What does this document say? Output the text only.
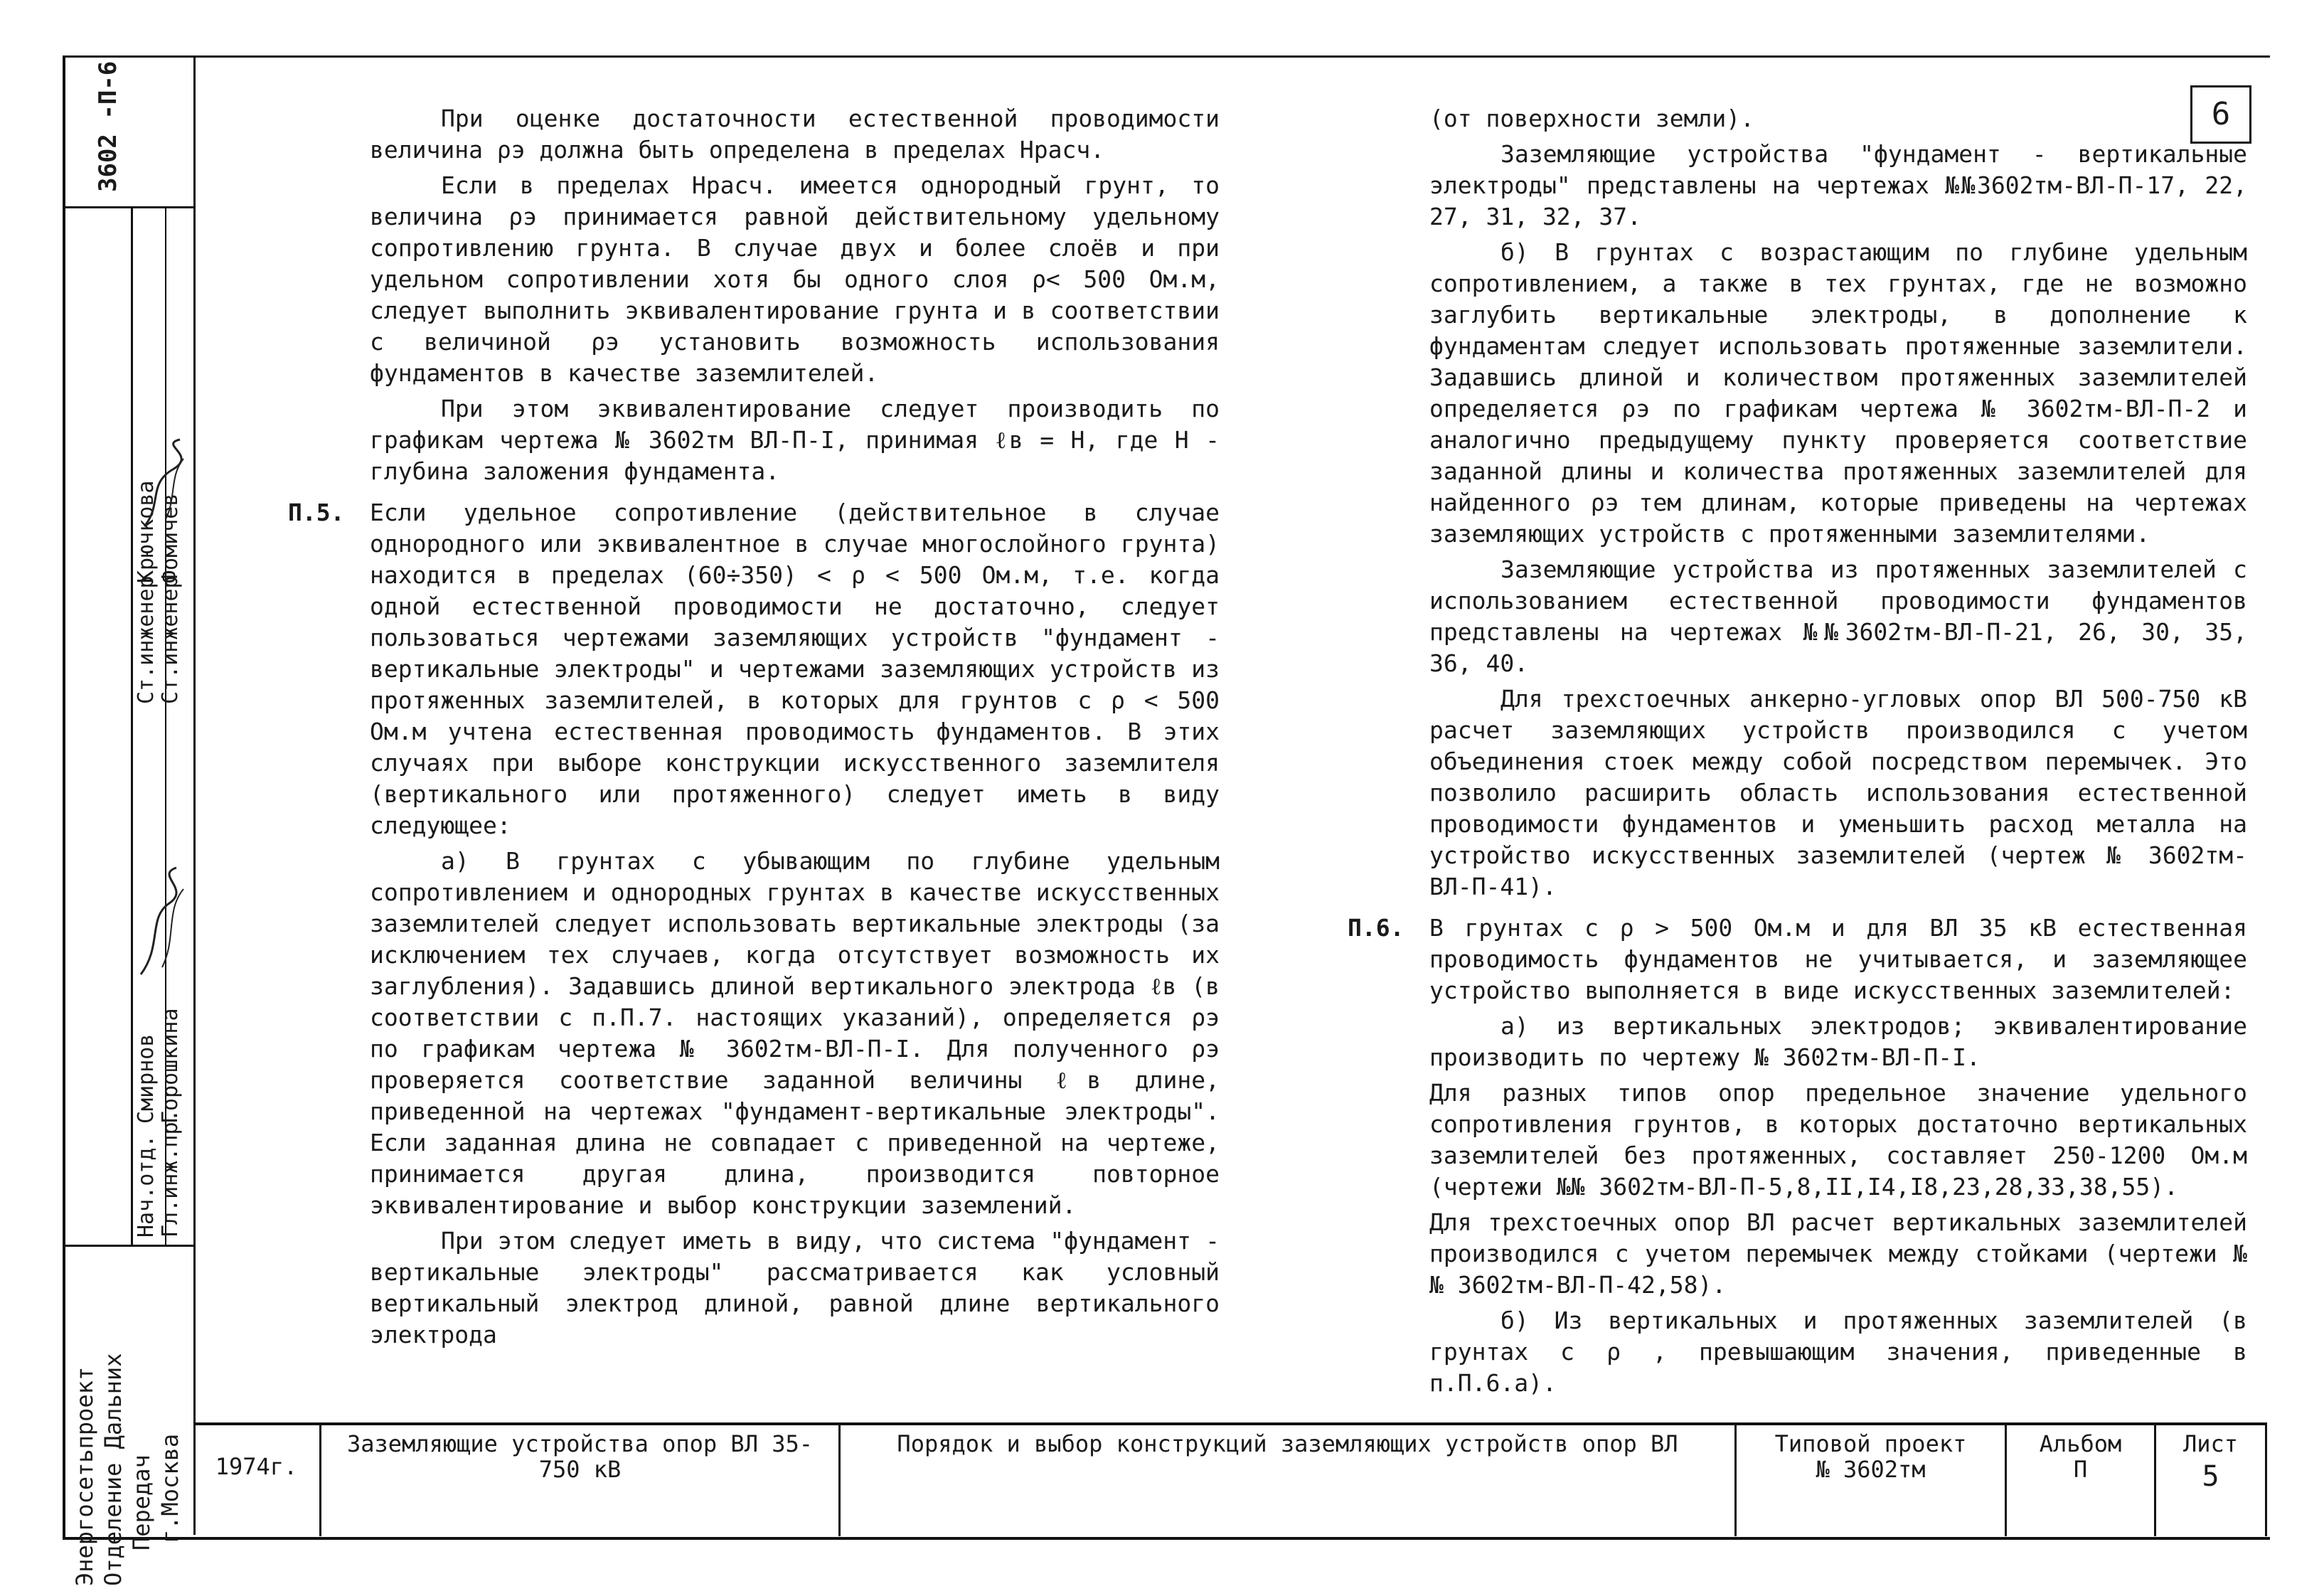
3602 -П-6
Нач.отд. Гл.инж.пр.
Смирнов Горошкина
Ст.инженер Ст.инженер
Крючкова Фомичев
Энергосетьпроект Отделение Дальних Передач г.Москва
6

При оценке достаточности естественной проводимости величина ρэ должна быть определена в пределах Нрасч.

Если в пределах Нрасч. имеется однородный грунт, то величина ρэ принимается равной действительному удельному сопротивлению грунта. В случае двух и более слоёв и при удельном сопротивлении хотя бы одного слоя ρ< 500 Ом.м, следует выполнить эквивалентирование грунта и в соответствии с величиной ρэ установить возможность использования фундаментов в качестве заземлителей.

При этом эквивалентирование следует производить по графикам чертежа № 3602тм ВЛ-П-I, принимая ℓв = Н, где Н - глубина заложения фундамента.

П.5. Если удельное сопротивление (действительное в случае однородного или эквивалентное в случае многослойного грунта) находится в пределах (60÷350) < ρ < 500 Ом.м, т.е. когда одной естественной проводимости не достаточно, следует пользоваться чертежами заземляющих устройств "фундамент - вертикальные электроды" и чертежами заземляющих устройств из протяженных заземлителей, в которых для грунтов с ρ < 500 Ом.м учтена естественная проводимость фундаментов. В этих случаях при выборе конструкции искусственного заземлителя (вертикального или протяженного) следует иметь в виду следующее:

а) В грунтах с убывающим по глубине удельным сопротивлением и однородных грунтах в качестве искусственных заземлителей следует использовать вертикальные электроды (за исключением тех случаев, когда отсутствует возможность их заглубления). Задавшись длиной вертикального электрода ℓв (в соответствии с п.П.7. настоящих указаний), определяется ρэ по графикам чертежа № 3602тм-ВЛ-П-I. Для полученного ρэ проверяется соответствие заданной величины ℓв длине, приведенной на чертежах "фундамент-вертикальные электроды". Если заданная длина не совпадает с приведенной на чертеже, принимается другая длина, производится повторное эквивалентирование и выбор конструкции заземлений.

При этом следует иметь в виду, что система "фундамент - вертикальные электроды" рассматривается как условный вертикальный электрод длиной, равной длине вертикального электрода

(от поверхности земли).

Заземляющие устройства "фундамент - вертикальные электроды" представлены на чертежах №№3602тм-ВЛ-П-17, 22, 27, 31, 32, 37.

б) В грунтах с возрастающим по глубине удельным сопротивлением, а также в тех грунтах, где не возможно заглубить вертикальные электроды, в дополнение к фундаментам следует использовать протяженные заземлители. Задавшись длиной и количеством протяженных заземлителей определяется ρэ по графикам чертежа № 3602тм-ВЛ-П-2 и аналогично предыдущему пункту проверяется соответствие заданной длины и количества протяженных заземлителей для найденного ρэ тем длинам, которые приведены на чертежах заземляющих устройств с протяженными заземлителями.

Заземляющие устройства из протяженных заземлителей с использованием естественной проводимости фундаментов представлены на чертежах №№3602тм-ВЛ-П-21, 26, 30, 35, 36, 40.

Для трехстоечных анкерно-угловых опор ВЛ 500-750 кВ расчет заземляющих устройств производился с учетом объединения стоек между собой посредством перемычек. Это позволило расширить область использования естественной проводимости фундаментов и уменьшить расход металла на устройство искусственных заземлителей (чертеж № 3602тм-ВЛ-П-41).

П.6. В грунтах с ρ > 500 Ом.м и для ВЛ 35 кВ естественная проводимость фундаментов не учитывается, и заземляющее устройство выполняется в виде искусственных заземлителей:

а) из вертикальных электродов; эквивалентирование производить по чертежу № 3602тм-ВЛ-П-I.

Для разных типов опор предельное значение удельного сопротивления грунтов, в которых достаточно вертикальных заземлителей без протяженных, составляет 250-1200 Ом.м (чертежи №№ 3602тм-ВЛ-П-5,8,II,I4,I8,23,28,33,38,55).

Для трехстоечных опор ВЛ расчет вертикальных заземлителей производился с учетом перемычек между стойками (чертежи №№ 3602тм-ВЛ-П-42,58).

б) Из вертикальных и протяженных заземлителей (в грунтах с ρ , превышающим значения, приведенные в п.П.6.а).

1974г.
Заземляющие устройства опор ВЛ 35-750 кВ
Порядок и выбор конструкций заземляющих устройств опор ВЛ	Типовой проект
№ 3602тм
Альбом
П
Лист
5
